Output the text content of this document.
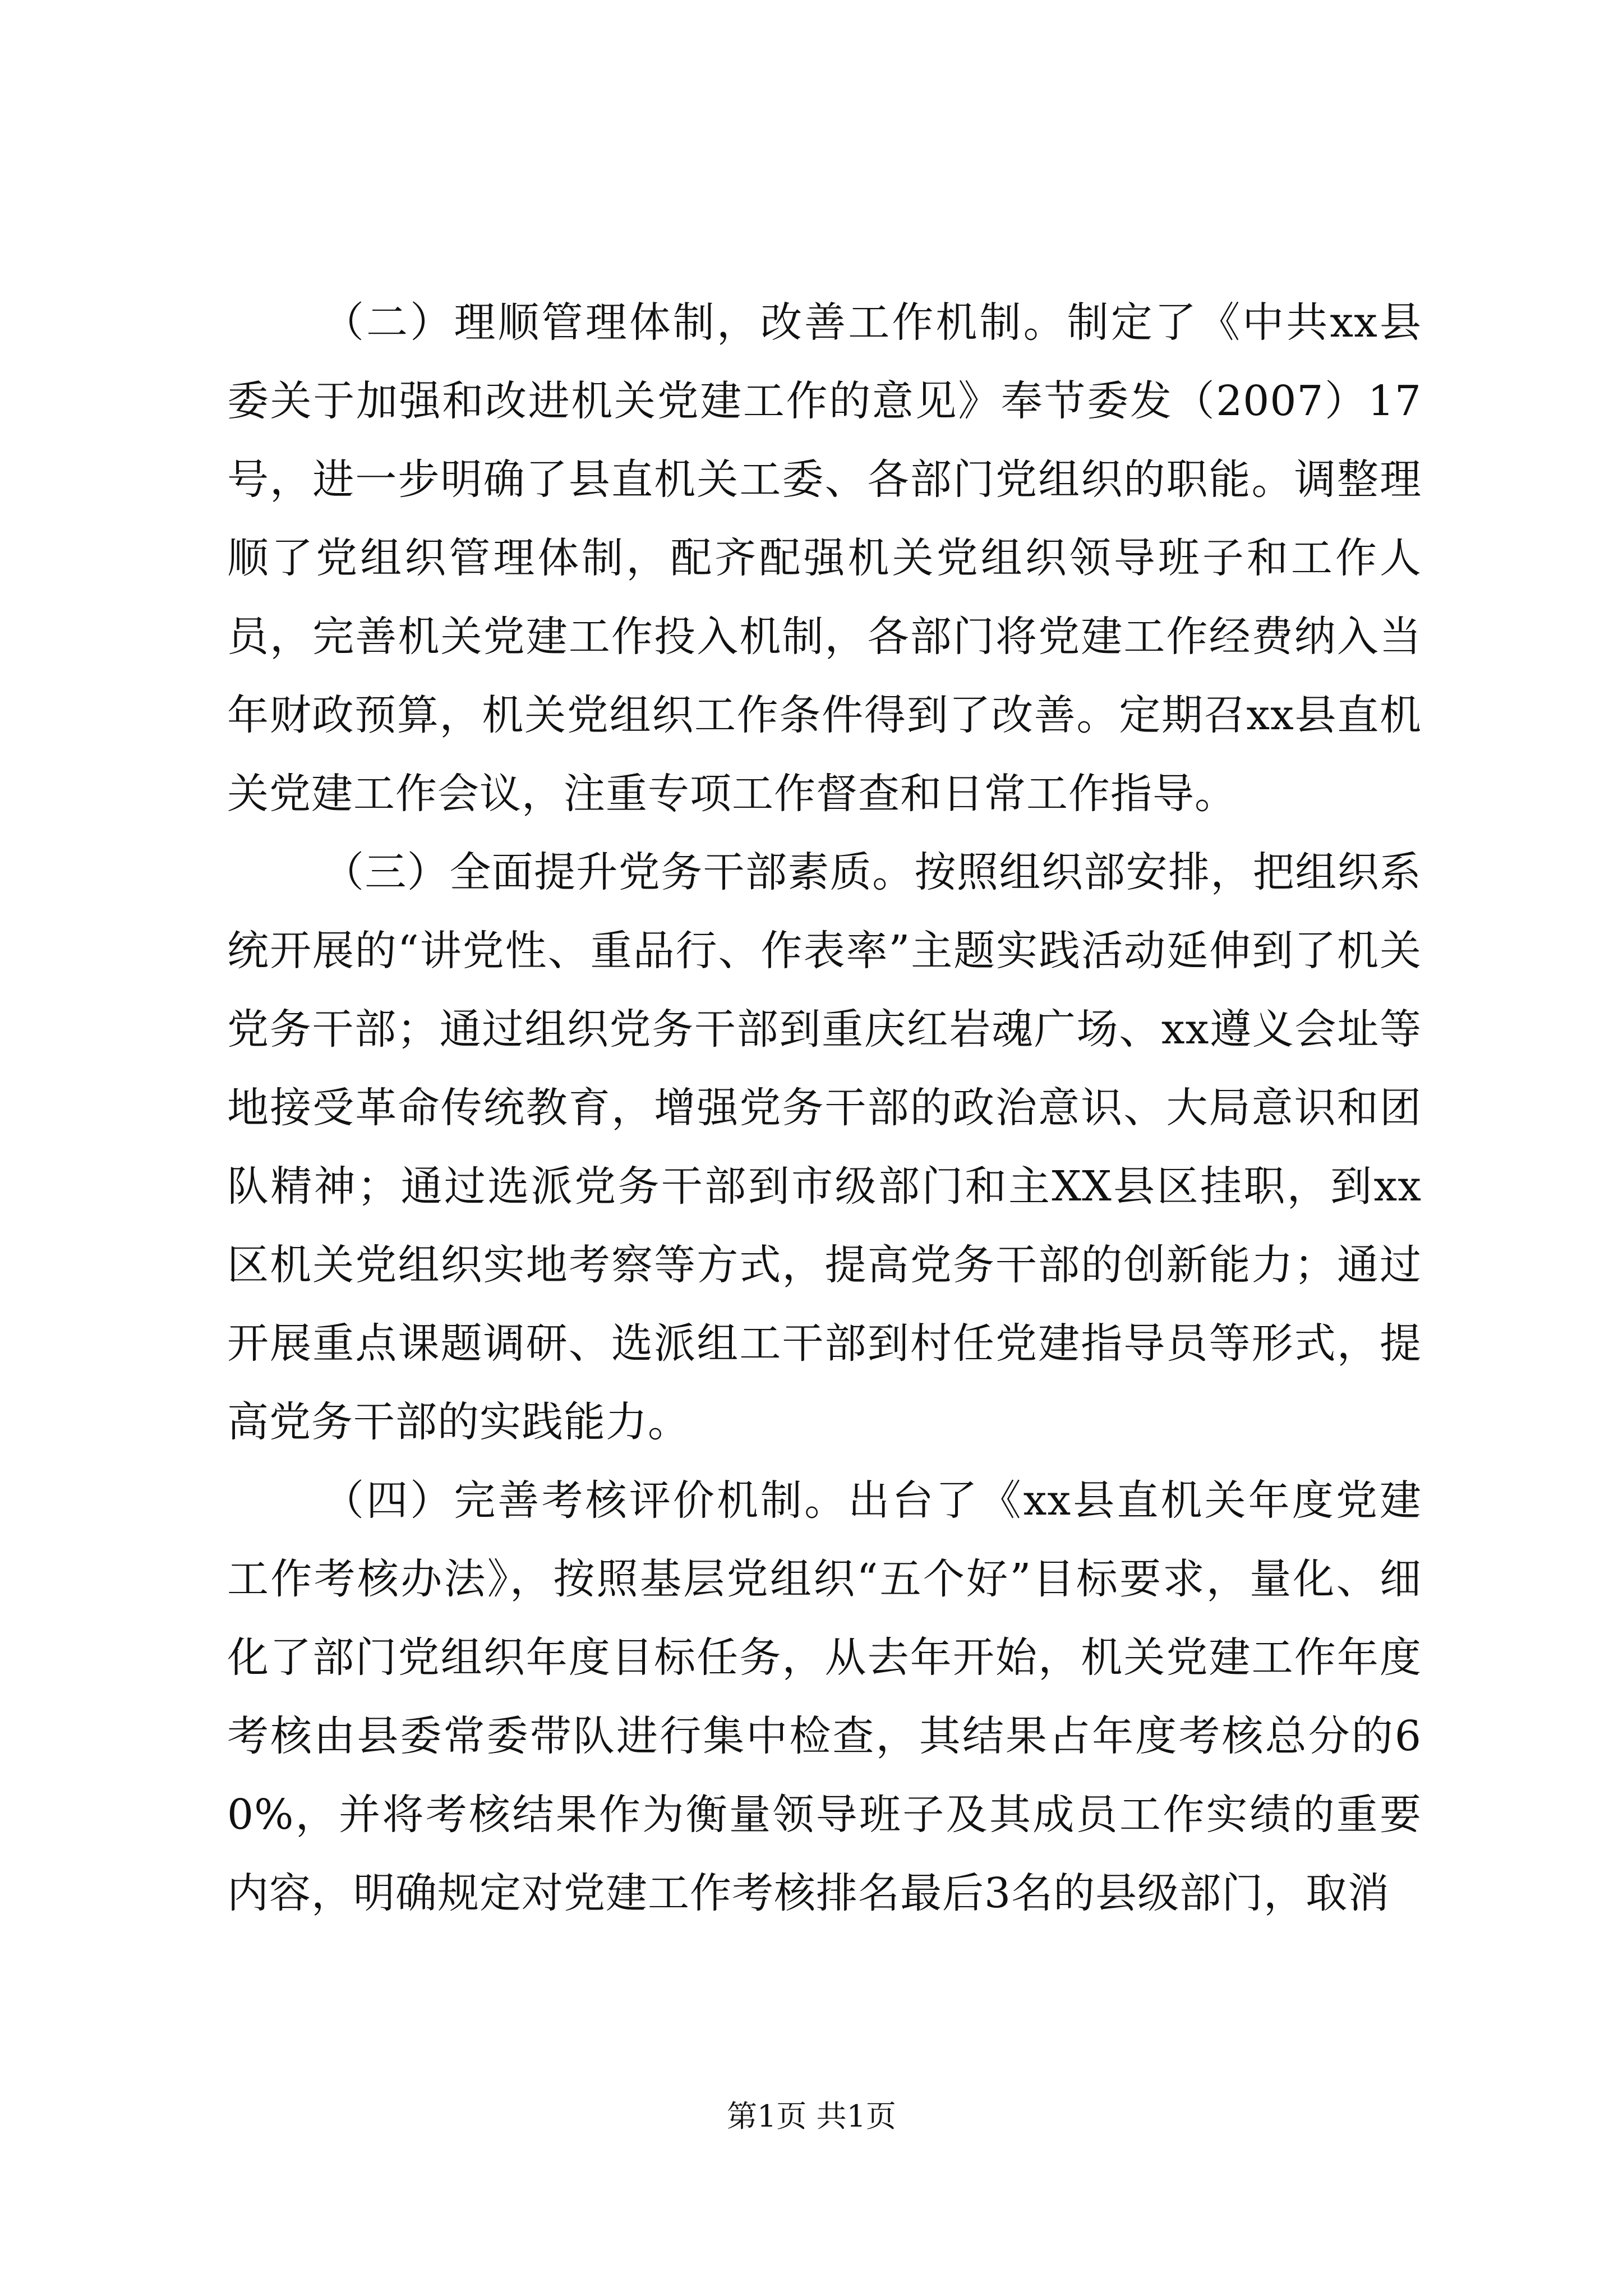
（二）理顺管理体制，改善工作机制。制定了《中共xx县委关于加强和改进机关党建工作的意见》奉节委发（2007）17号，进一步明确了县直机关工委、各部门党组织的职能。调整理顺了党组织管理体制，配齐配强机关党组织领导班子和工作人员，完善机关党建工作投入机制，各部门将党建工作经费纳入当年财政预算，机关党组织工作条件得到了改善。定期召xx县直机关党建工作会议，注重专项工作督查和日常工作指导。

（三）全面提升党务干部素质。按照组织部安排，把组织系统开展的“讲党性、重品行、作表率”主题实践活动延伸到了机关党务干部；通过组织党务干部到重庆红岩魂广场、xx遵义会址等地接受革命传统教育，增强党务干部的政治意识、大局意识和团队精神；通过选派党务干部到市级部门和主XX县区挂职，到xx区机关党组织实地考察等方式，提高党务干部的创新能力；通过开展重点课题调研、选派组工干部到村任党建指导员等形式，提高党务干部的实践能力。

（四）完善考核评价机制。出台了《xx县直机关年度党建工作考核办法》，按照基层党组织“五个好”目标要求，量化、细化了部门党组织年度目标任务，从去年开始，机关党建工作年度考核由县委常委带队进行集中检查，其结果占年度考核总分的60%，并将考核结果作为衡量领导班子及其成员工作实绩的重要内容，明确规定对党建工作考核排名最后3名的县级部门，取消

第1页 共1页
